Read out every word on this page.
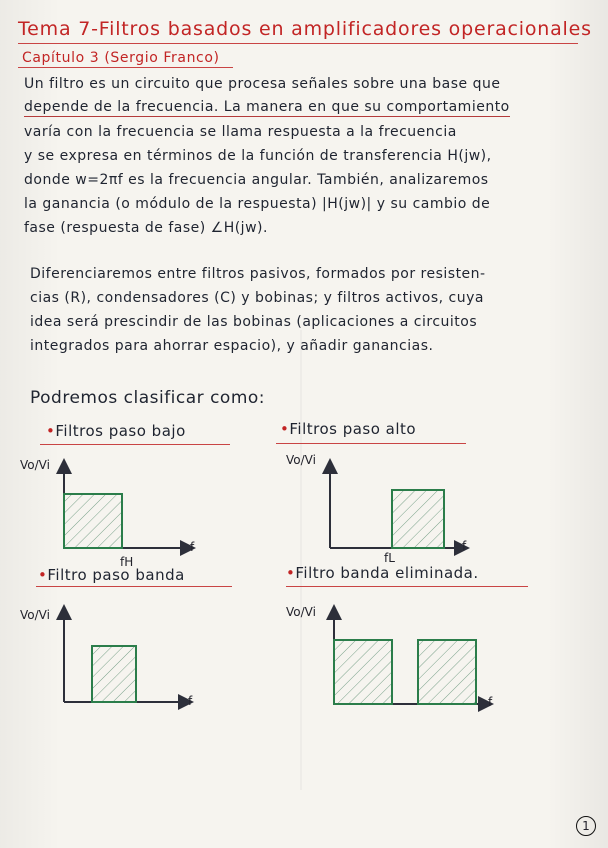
Tema 7-Filtros basados en amplificadores operacionales
Capítulo 3 (Sergio Franco)
Un filtro es un circuito que procesa señales sobre una base que
depende de la frecuencia. La manera en que su comportamiento
varía con la frecuencia se llama respuesta a la frecuencia
y se expresa en términos de la función de transferencia H(jw),
donde w=2πf es la frecuencia angular. También, analizaremos
la ganancia (o módulo de la respuesta) |H(jw)| y su cambio de
fase (respuesta de fase) ∠H(jw).
Diferenciaremos entre filtros pasivos, formados por resisten-
cias (R), condensadores (C) y bobinas; y filtros activos, cuya
idea será prescindir de las bobinas (aplicaciones a circuitos
integrados para ahorrar espacio), y añadir ganancias.
Podremos clasificar como:
•Filtros paso bajo	•Filtros paso alto
•Filtro paso banda	•Filtro banda eliminada.
Vo/Vi
f
fH
Vo/Vi
f
fL
Vo/Vi
f
Vo/Vi
f
1
